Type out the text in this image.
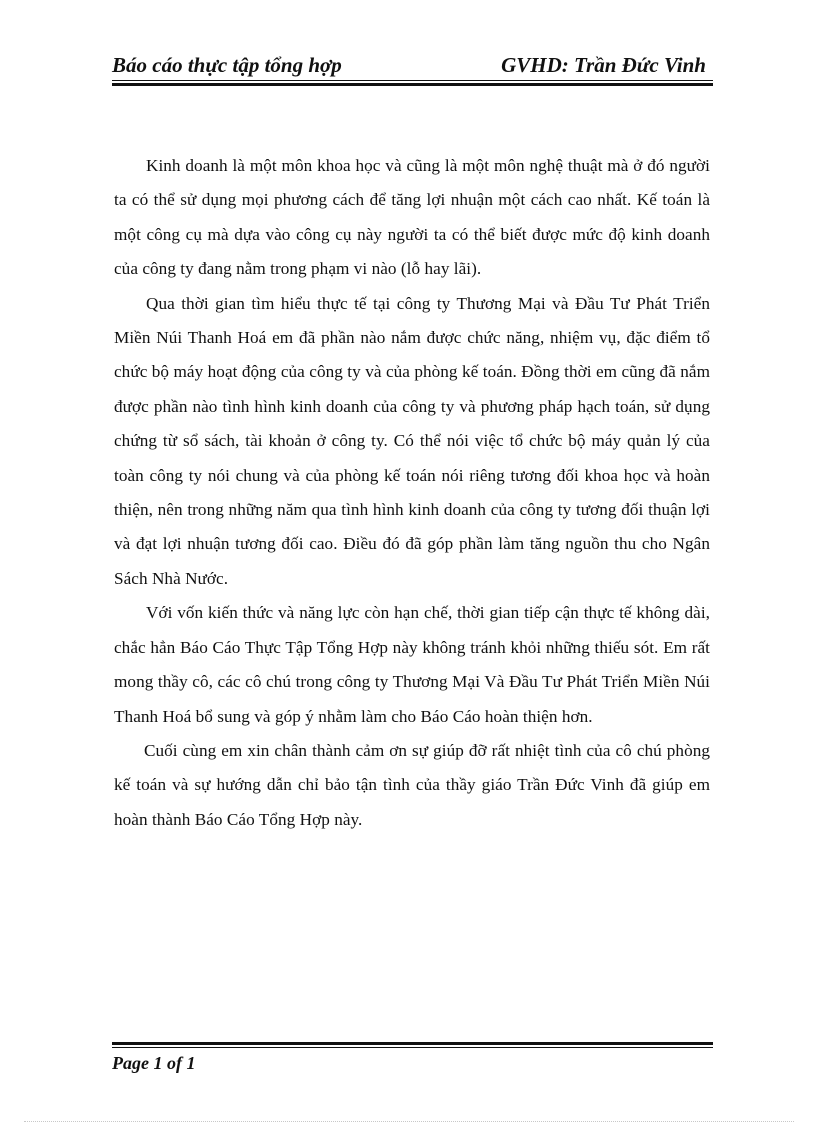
Báo cáo thực tập tổng hợp	GVHD: Trần Đức Vinh

Kinh doanh là một môn khoa học và cũng là một môn nghệ thuật mà ở đó người ta có thể sử dụng mọi phương cách để tăng lợi nhuận một cách cao nhất. Kế toán là một công cụ mà dựa vào công cụ này người ta có thể biết được mức độ kinh doanh của công ty đang nằm trong phạm vi nào (lỗ hay lãi).

Qua thời gian tìm hiểu thực tế tại công ty Thương Mại và Đầu Tư Phát Triển Miền Núi Thanh Hoá em đã phần nào nắm được chức năng, nhiệm vụ, đặc điểm tổ chức bộ máy hoạt động của công ty và của phòng kế toán. Đồng thời em cũng đã nắm được phần nào tình hình kinh doanh của công ty và phương pháp hạch toán, sử dụng chứng từ sổ sách, tài khoản ở công ty. Có thể nói việc tổ chức bộ máy quản lý của toàn công ty nói chung và của phòng kế toán nói riêng tương đối khoa học và hoàn thiện, nên trong những năm qua tình hình kinh doanh của công ty tương đối thuận lợi và đạt lợi nhuận tương đối cao. Điều đó đã góp phần làm tăng nguồn thu cho Ngân Sách Nhà Nước.

Với vốn kiến thức và năng lực còn hạn chế, thời gian tiếp cận thực tế không dài, chắc hẳn Báo Cáo Thực Tập Tổng Hợp này không tránh khỏi những thiếu sót. Em rất mong thầy cô, các cô chú trong công ty Thương Mại Và Đầu Tư Phát Triển Miền Núi Thanh Hoá bổ sung và góp ý nhằm làm cho Báo Cáo hoàn thiện hơn.

Cuối cùng em xin chân thành cảm ơn sự giúp đỡ rất nhiệt tình của cô chú phòng kế toán và sự hướng dẫn chỉ bảo tận tình của thầy giáo Trần Đức Vinh đã giúp em hoàn thành Báo Cáo Tổng Hợp này.

Page 1 of 1
